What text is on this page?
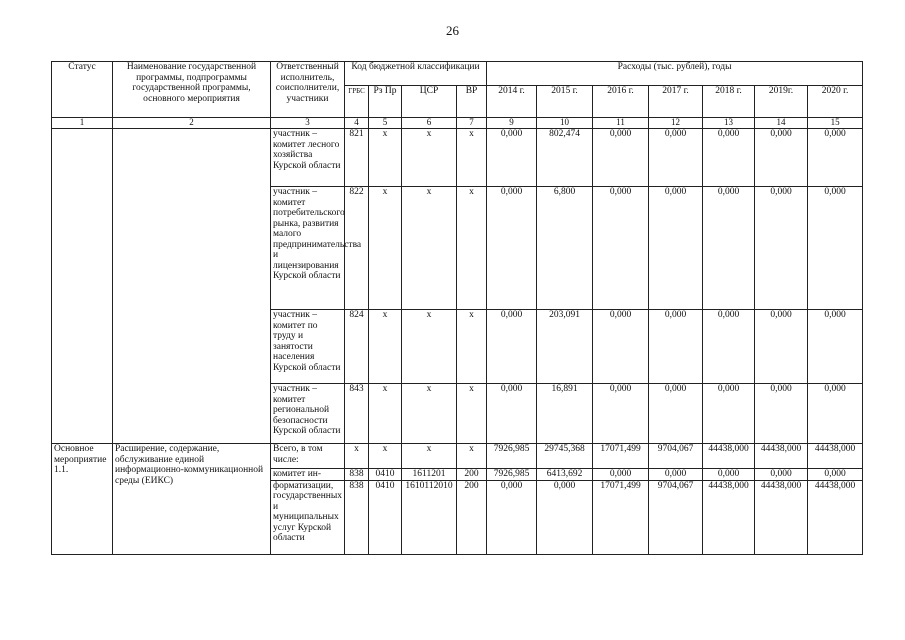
26
Статус	Наименование государственной программы, подпрограммы государственной программы, основного мероприятия	Ответственный исполнитель, соисполнители, участники	Код бюджетной классификации				Расходы (тыс. рублей), годы						
			ГРБС	Рз Пр	ЦСР	ВР	2014 г.	2015 г.	2016 г.	2017 г.	2018 г.	2019г.	2020 г.
1	2	3	4	5	6	7	9	10	11	12	13	14	15
		участник – комитет лесного хозяйства Курской области	821	х	х	х	0,000	802,474	0,000	0,000	0,000	0,000	0,000
		участник – комитет потребительского рынка, развития малого предпринимательства и лицензирования Курской области	822	х	х	х	0,000	6,800	0,000	0,000	0,000	0,000	0,000
		участник – комитет по труду и занятости населения Курской области	824	х	х	х	0,000	203,091	0,000	0,000	0,000	0,000	0,000
		участник – комитет региональной безопасности Курской области	843	х	х	х	0,000	16,891	0,000	0,000	0,000	0,000	0,000
Основное мероприятие 1.1.	Расширение, содержание, обслуживание единой информационно-коммуникационной среды (ЕИКС)	Всего, в том числе:	х	х	х	х	7926,985	29745,368	17071,499	9704,067	44438,000	44438,000	44438,000
		комитет ин-	838	0410	1611201	200	7926,985	6413,692	0,000	0,000	0,000	0,000	0,000
		форматизации, государственных и муниципальных услуг Курской области	838	0410	1610112010	200	0,000	0,000	17071,499	9704,067	44438,000	44438,000	44438,000
